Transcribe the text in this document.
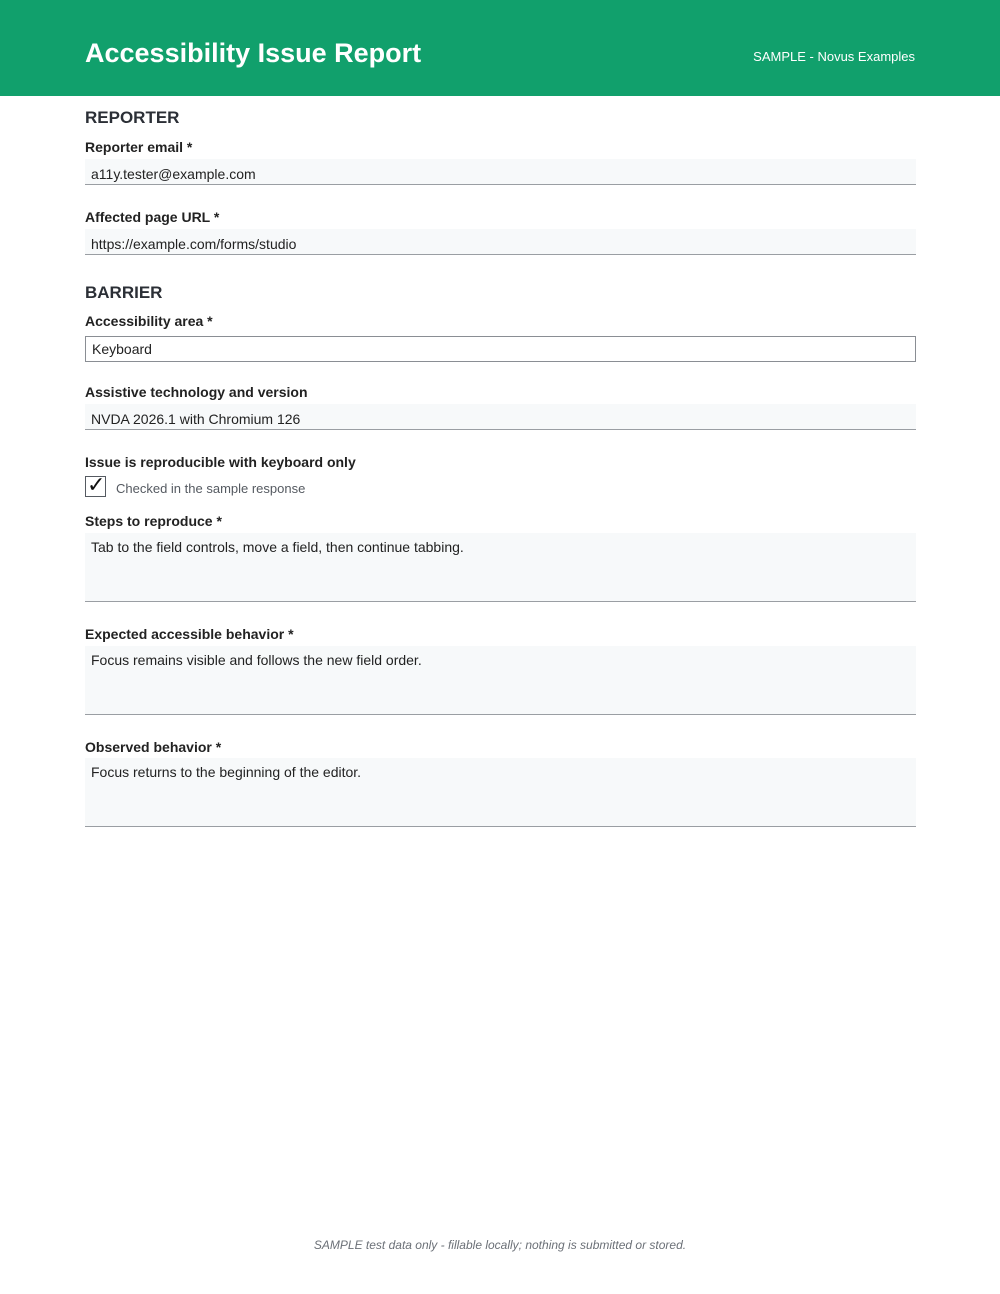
Accessibility Issue Report	SAMPLE - Novus Examples
REPORTER
Reporter email *
a11y.tester@example.com
Affected page URL *
https://example.com/forms/studio
BARRIER
Accessibility area *
Keyboard
Assistive technology and version
NVDA 2026.1 with Chromium 126
Issue is reproducible with keyboard only
✓ Checked in the sample response
Steps to reproduce *
Tab to the field controls, move a field, then continue tabbing.
Expected accessible behavior *
Focus remains visible and follows the new field order.
Observed behavior *
Focus returns to the beginning of the editor.
SAMPLE test data only - fillable locally; nothing is submitted or stored.
